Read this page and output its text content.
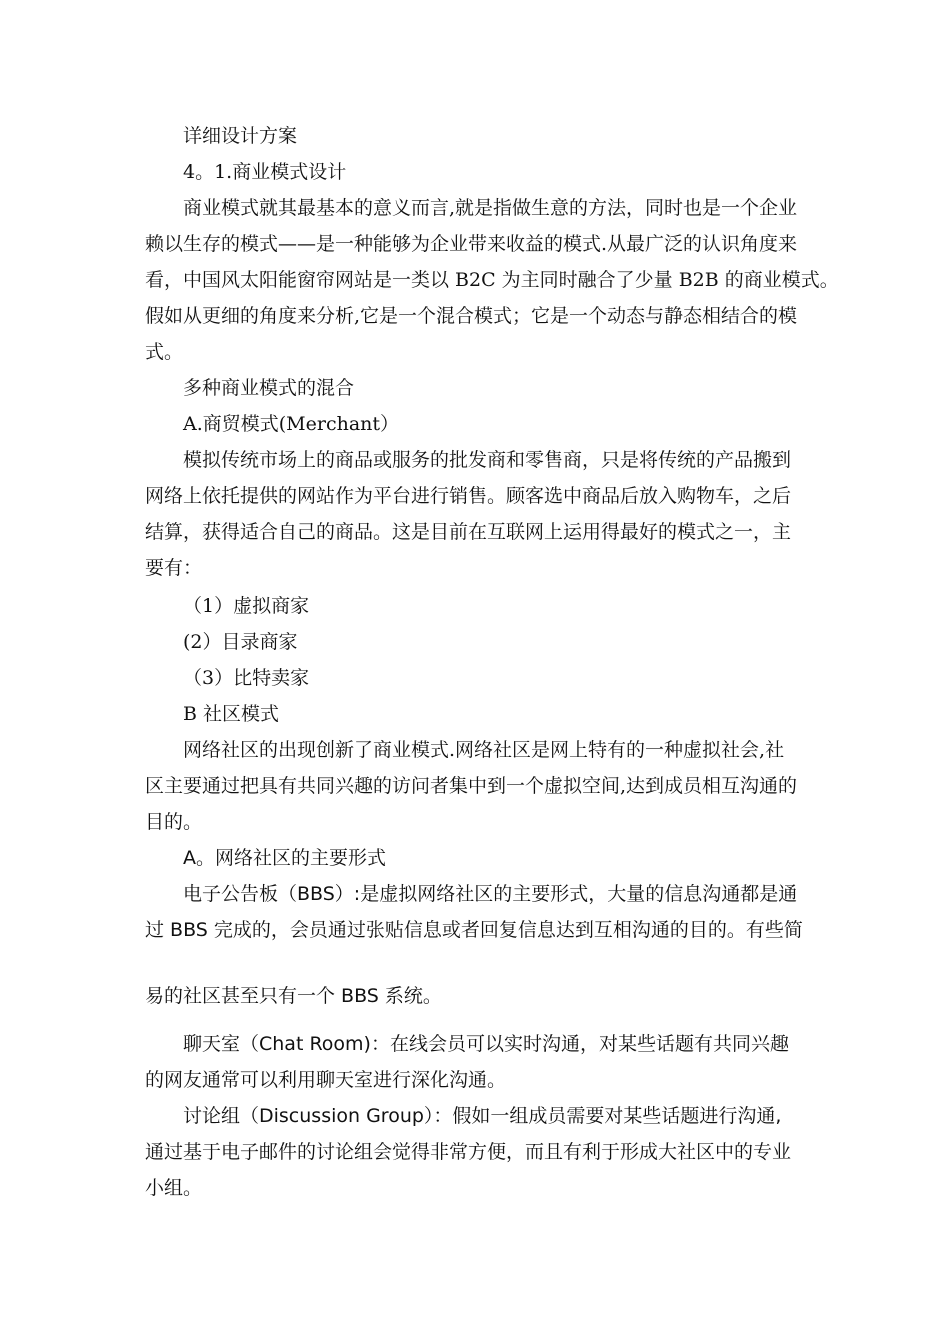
详细设计方案

4。1.商业模式设计

商业模式就其最基本的意义而言,就是指做生意的方法，同时也是一个企业

赖以生存的模式——是一种能够为企业带来收益的模式.从最广泛的认识角度来

看，中国风太阳能窗帘网站是一类以 B2C 为主同时融合了少量 B2B 的商业模式。

假如从更细的角度来分析,它是一个混合模式；它是一个动态与静态相结合的模

式。

多种商业模式的混合

A.商贸模式(Merchant）

模拟传统市场上的商品或服务的批发商和零售商，只是将传统的产品搬到

网络上依托提供的网站作为平台进行销售。顾客选中商品后放入购物车，之后

结算，获得适合自己的商品。这是目前在互联网上运用得最好的模式之一，主

要有：

（1）虚拟商家

(2）目录商家

（3）比特卖家

B 社区模式

网络社区的出现创新了商业模式.网络社区是网上特有的一种虚拟社会,社

区主要通过把具有共同兴趣的访问者集中到一个虚拟空间,达到成员相互沟通的

目的。

A。网络社区的主要形式

电子公告板（BBS）:是虚拟网络社区的主要形式，大量的信息沟通都是通

过 BBS 完成的，会员通过张贴信息或者回复信息达到互相沟通的目的。有些简

易的社区甚至只有一个 BBS 系统。

聊天室（Chat Room)：在线会员可以实时沟通，对某些话题有共同兴趣

的网友通常可以利用聊天室进行深化沟通。

讨论组（Discussion Group）：假如一组成员需要对某些话题进行沟通,

通过基于电子邮件的讨论组会觉得非常方便，而且有利于形成大社区中的专业

小组。
